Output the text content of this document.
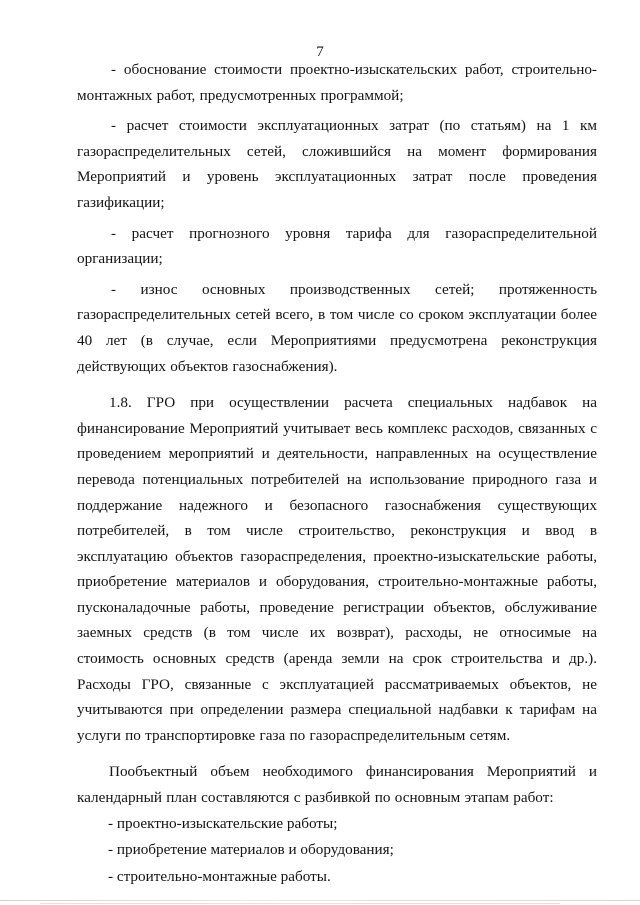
7

- обоснование стоимости проектно-изыскательских работ, строительно-монтажных работ, предусмотренных программой;

- расчет стоимости эксплуатационных затрат (по статьям) на 1 км газораспределительных сетей, сложившийся на момент формирования Мероприятий и уровень эксплуатационных затрат после проведения газификации;

- расчет прогнозного уровня тарифа для газораспределительной организации;

- износ основных производственных сетей; протяженность газораспределительных сетей всего, в том числе со сроком эксплуатации более 40 лет (в случае, если Мероприятиями предусмотрена реконструкция действующих объектов газоснабжения).

1.8. ГРО при осуществлении расчета специальных надбавок на финансирование Мероприятий учитывает весь комплекс расходов, связанных с проведением мероприятий и деятельности, направленных на осуществление перевода потенциальных потребителей на использование природного газа и поддержание надежного и безопасного газоснабжения существующих потребителей, в том числе строительство, реконструкция и ввод в эксплуатацию объектов газораспределения, проектно-изыскательские работы, приобретение материалов и оборудования, строительно-монтажные работы, пусконаладочные работы, проведение регистрации объектов, обслуживание заемных средств (в том числе их возврат), расходы, не относимые на стоимость основных средств (аренда земли на срок строительства и др.). Расходы ГРО, связанные с эксплуатацией рассматриваемых объектов, не учитываются при определении размера специальной надбавки к тарифам на услуги по транспортировке газа по газораспределительным сетям.

Пообъектный объем необходимого финансирования Мероприятий и календарный план составляются с разбивкой по основным этапам работ:

- проектно-изыскательские работы;

- приобретение материалов и оборудования;

- строительно-монтажные работы.
